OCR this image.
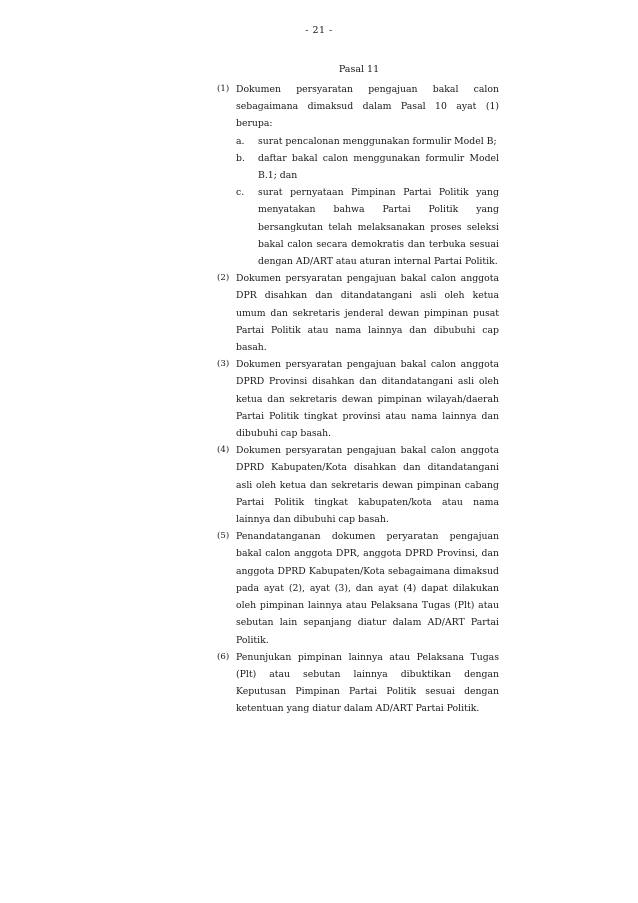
- 21 -
Pasal 11
(1) Dokumen persyaratan pengajuan bakal calon sebagaimana dimaksud dalam Pasal 10 ayat (1) berupa:
a.	surat pencalonan menggunakan formulir Model B;
b.	daftar bakal calon menggunakan formulir Model B.1; dan
c.	surat pernyataan Pimpinan Partai Politik yang menyatakan bahwa Partai Politik yang bersangkutan telah melaksanakan proses seleksi bakal calon secara demokratis dan terbuka sesuai dengan AD/ART atau aturan internal Partai Politik.
(2) Dokumen persyaratan pengajuan bakal calon anggota DPR disahkan dan ditandatangani asli oleh ketua umum dan sekretaris jenderal dewan pimpinan pusat Partai Politik atau nama lainnya dan dibubuhi cap basah.
(3) Dokumen persyaratan pengajuan bakal calon anggota DPRD Provinsi disahkan dan ditandatangani asli oleh ketua dan sekretaris dewan pimpinan wilayah/daerah Partai Politik tingkat provinsi atau nama lainnya dan dibubuhi cap basah.
(4) Dokumen persyaratan pengajuan bakal calon anggota DPRD Kabupaten/Kota disahkan dan ditandatangani asli oleh ketua dan sekretaris dewan pimpinan cabang Partai Politik tingkat kabupaten/kota atau nama lainnya dan dibubuhi cap basah.
(5) Penandatanganan dokumen peryaratan pengajuan bakal calon anggota DPR, anggota DPRD Provinsi, dan anggota DPRD Kabupaten/Kota sebagaimana dimaksud pada ayat (2), ayat (3), dan ayat (4) dapat dilakukan oleh pimpinan lainnya atau Pelaksana Tugas (Plt) atau sebutan lain sepanjang diatur dalam AD/ART Partai Politik.
(6) Penunjukan pimpinan lainnya atau Pelaksana Tugas (Plt) atau sebutan lainnya dibuktikan dengan Keputusan Pimpinan Partai Politik sesuai dengan ketentuan yang diatur dalam AD/ART Partai Politik.
